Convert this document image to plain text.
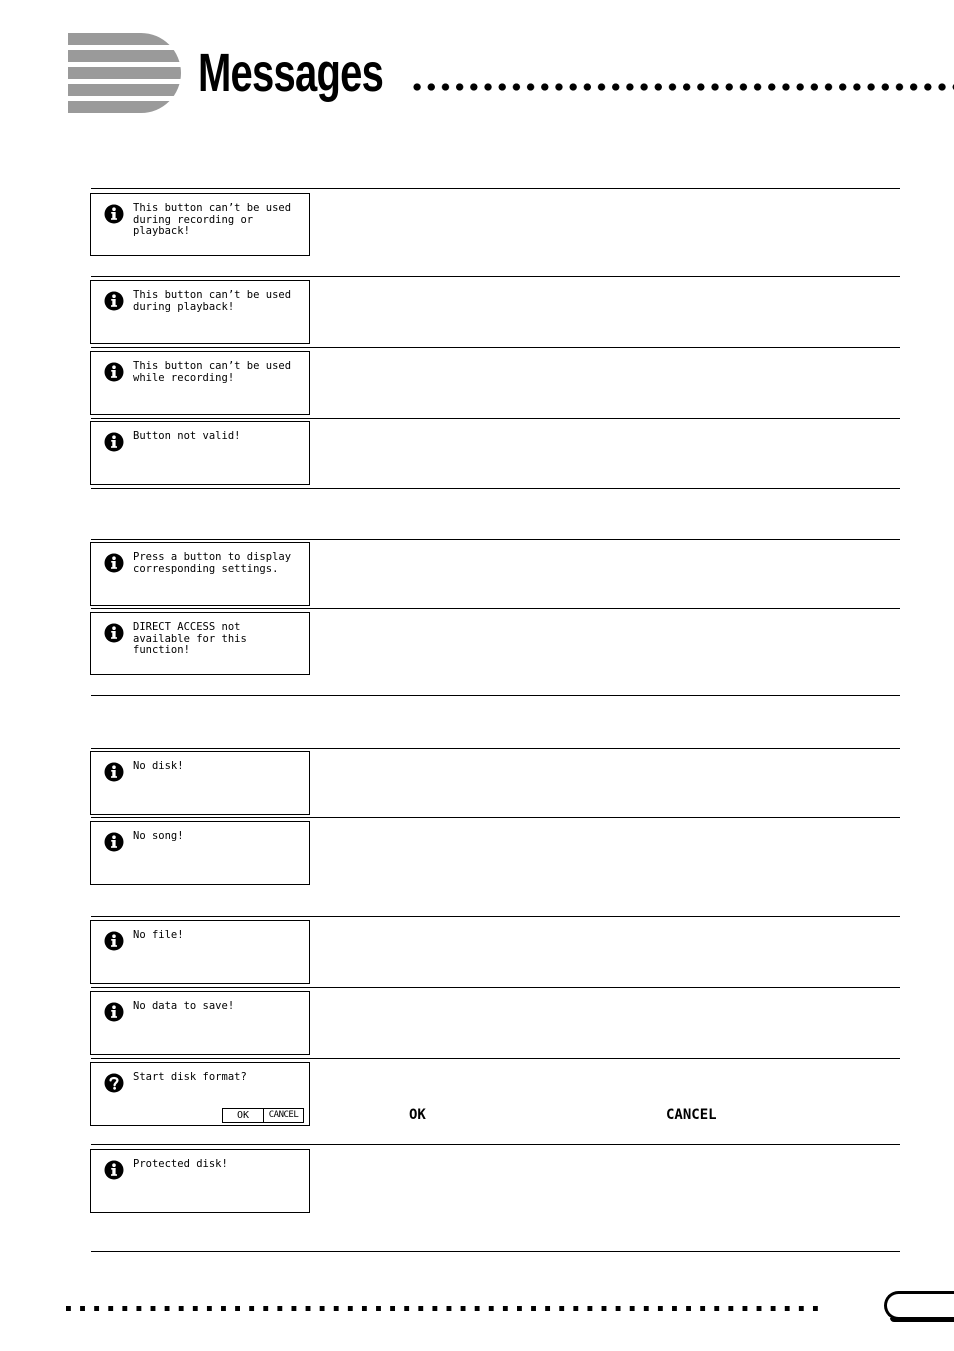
Messages
This button can’t be used
during recording or
playback!
This button can’t be used
during playback!
This button can’t be used
while recording!
Button not valid!
Press a button to display
corresponding settings.
DIRECT ACCESS not
available for this function!
No disk!
No song!
No file!
No data to save!
Start disk format?
OK	CANCEL	OK	CANCEL
Protected disk!
